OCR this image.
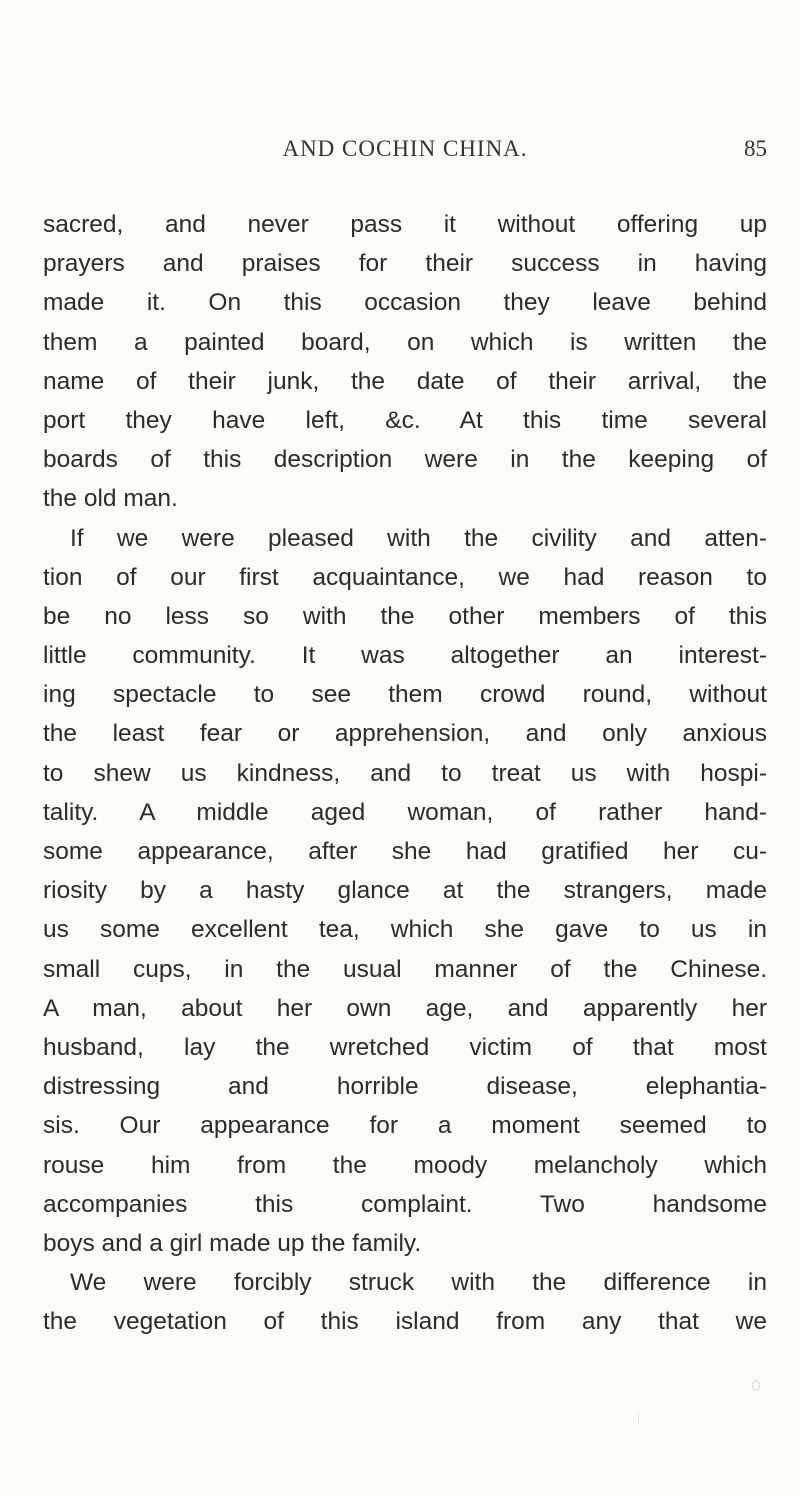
AND COCHIN CHINA.	85
sacred, and never pass it without offering up
prayers and praises for their success in having
made it. On this occasion they leave behind
them a painted board, on which is written the
name of their junk, the date of their arrival, the
port they have left, &c. At this time several
boards of this description were in the keeping of
the old man.
If we were pleased with the civility and atten-
tion of our first acquaintance, we had reason to
be no less so with the other members of this
little community. It was altogether an interest-
ing spectacle to see them crowd round, without
the least fear or apprehension, and only anxious
to shew us kindness, and to treat us with hospi-
tality. A middle aged woman, of rather hand-
some appearance, after she had gratified her cu-
riosity by a hasty glance at the strangers, made
us some excellent tea, which she gave to us in
small cups, in the usual manner of the Chinese.
A man, about her own age, and apparently her
husband, lay the wretched victim of that most
distressing and horrible disease, elephantia-
sis. Our appearance for a moment seemed to
rouse him from the moody melancholy which
accompanies this complaint. Two handsome
boys and a girl made up the family.
We were forcibly struck with the difference in
the vegetation of this island from any that we
